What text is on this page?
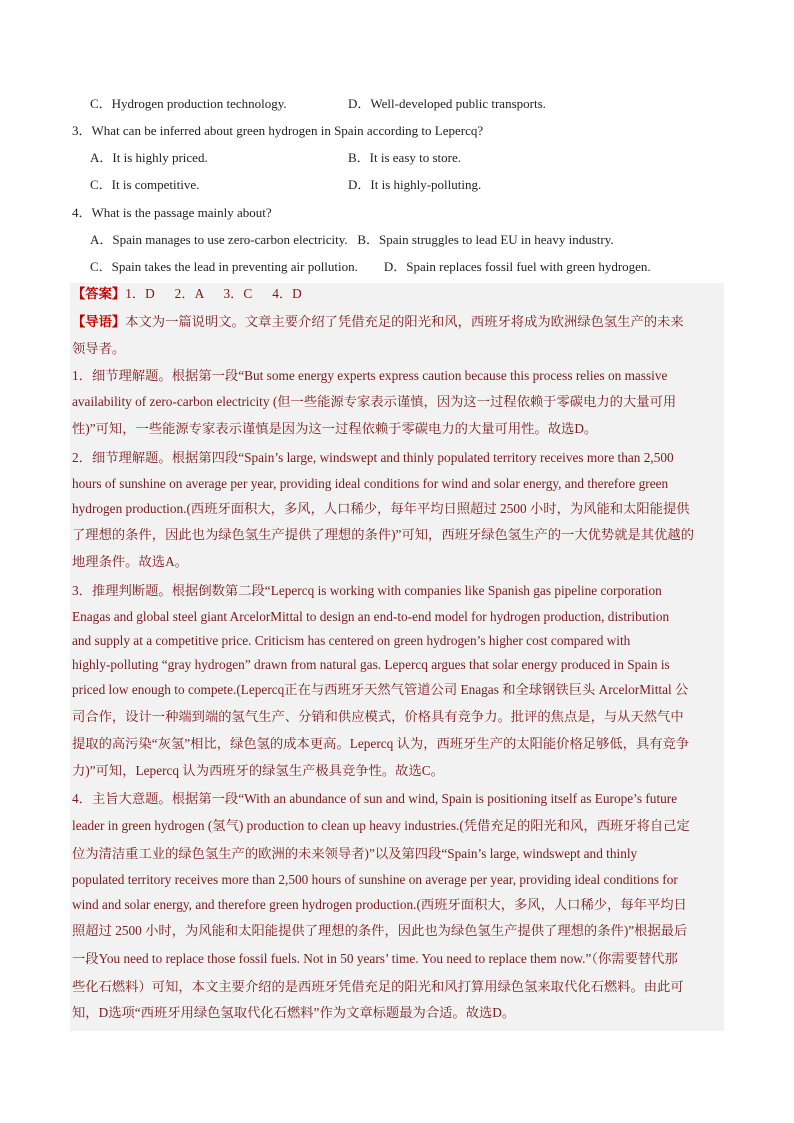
C．Hydrogen production technology.	D．Well-developed public transports.
3．What can be inferred about green hydrogen in Spain according to Lepercq?
A．It is highly priced.	B．It is easy to store.
C．It is competitive.	D．It is highly-polluting.
4．What is the passage mainly about?
A．Spain manages to use zero-carbon electricity.   B．Spain struggles to lead EU in heavy industry.
C．Spain takes the lead in preventing air pollution.        D．Spain replaces fossil fuel with green hydrogen.
【答案】1．D      2．A      3．C      4．D
【导语】本文为一篇说明文。文章主要介绍了凭借充足的阳光和风，西班牙将成为欧洲绿色氢生产的未来
领导者。
1．细节理解题。根据第一段“But some energy experts express caution because this process relies on massive
availability of zero-carbon electricity (但一些能源专家表示谨慎，因为这一过程依赖于零碳电力的大量可用
性)”可知，一些能源专家表示谨慎是因为这一过程依赖于零碳电力的大量可用性。故选D。
2．细节理解题。根据第四段“Spain’s large, windswept and thinly populated territory receives more than 2,500
hours of sunshine on average per year, providing ideal conditions for wind and solar energy, and therefore green
hydrogen production.(西班牙面积大，多风，人口稀少，每年平均日照超过 2500 小时，为风能和太阳能提供
了理想的条件，因此也为绿色氢生产提供了理想的条件)”可知，西班牙绿色氢生产的一大优势就是其优越的
地理条件。故选A。
3．推理判断题。根据倒数第二段“Lepercq is working with companies like Spanish gas pipeline corporation
Enagas and global steel giant ArcelorMittal to design an end-to-end model for hydrogen production, distribution
and supply at a competitive price. Criticism has centered on green hydrogen’s higher cost compared with
highly-polluting “gray hydrogen” drawn from natural gas. Lepercq argues that solar energy produced in Spain is
priced low enough to compete.(Lepercq正在与西班牙天然气管道公司 Enagas 和全球钢铁巨头 ArcelorMittal 公
司合作，设计一种端到端的氢气生产、分销和供应模式，价格具有竞争力。批评的焦点是，与从天然气中
提取的高污染“灰氢”相比，绿色氢的成本更高。Lepercq 认为，西班牙生产的太阳能价格足够低，具有竞争
力)”可知，Lepercq 认为西班牙的绿氢生产极具竞争性。故选C。
4．主旨大意题。根据第一段“With an abundance of sun and wind, Spain is positioning itself as Europe’s future
leader in green hydrogen (氢气) production to clean up heavy industries.(凭借充足的阳光和风，西班牙将自己定
位为清洁重工业的绿色氢生产的欧洲的未来领导者)”以及第四段“Spain’s large, windswept and thinly
populated territory receives more than 2,500 hours of sunshine on average per year, providing ideal conditions for
wind and solar energy, and therefore green hydrogen production.(西班牙面积大，多风，人口稀少，每年平均日
照超过 2500 小时，为风能和太阳能提供了理想的条件，因此也为绿色氢生产提供了理想的条件)”根据最后
一段You need to replace those fossil fuels. Not in 50 years’ time. You need to replace them now.”（你需要替代那
些化石燃料）可知，本文主要介绍的是西班牙凭借充足的阳光和风打算用绿色氢来取代化石燃料。由此可
知，D选项“西班牙用绿色氢取代化石燃料”作为文章标题最为合适。故选D。
